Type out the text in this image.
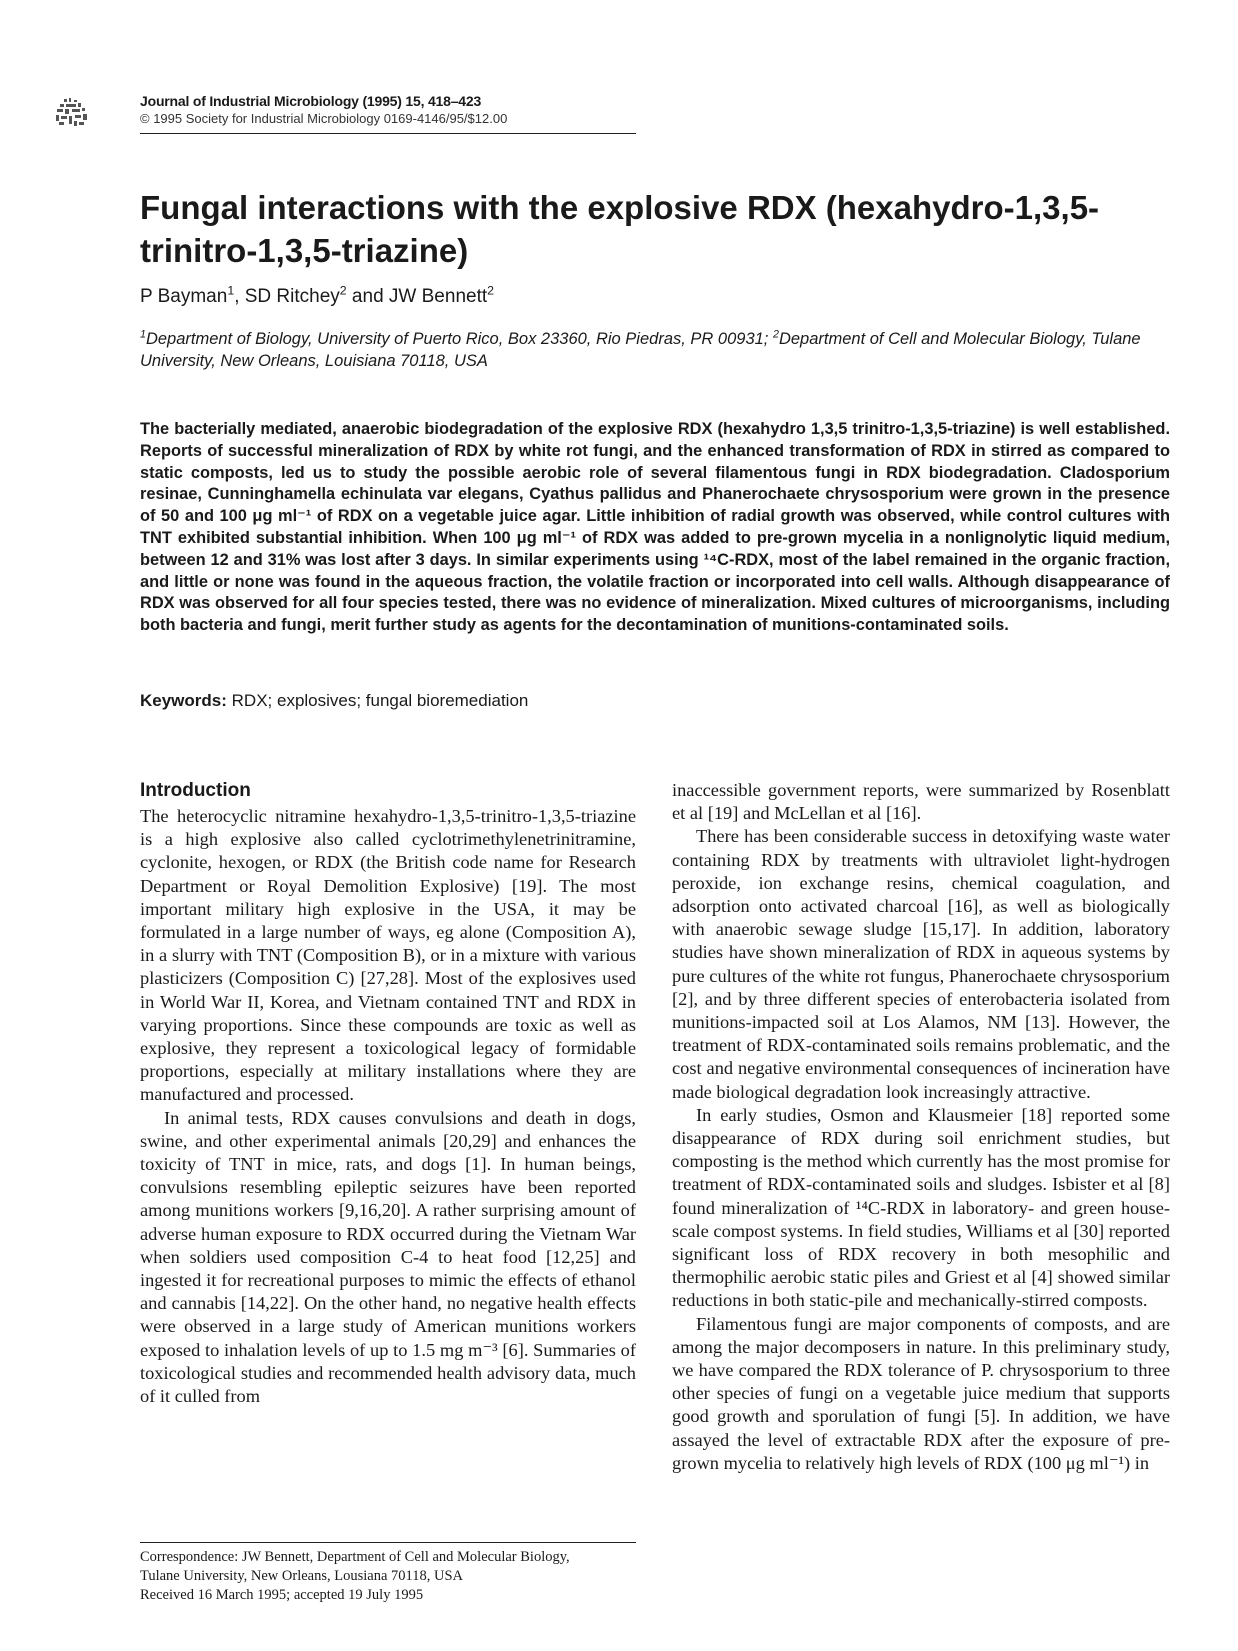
Journal of Industrial Microbiology (1995) 15, 418–423
© 1995 Society for Industrial Microbiology 0169-4146/95/$12.00
Fungal interactions with the explosive RDX (hexahydro-1,3,5-trinitro-1,3,5-triazine)
P Bayman$^1$, SD Ritchey$^2$ and JW Bennett$^2$
$^1$Department of Biology, University of Puerto Rico, Box 23360, Rio Piedras, PR 00931; $^2$Department of Cell and Molecular Biology, Tulane University, New Orleans, Louisiana 70118, USA

The bacterially mediated, anaerobic biodegradation of the explosive RDX (hexahydro 1,3,5 trinitro-1,3,5-triazine) is well established. Reports of successful mineralization of RDX by white rot fungi, and the enhanced transformation of RDX in stirred as compared to static composts, led us to study the possible aerobic role of several filamentous fungi in RDX biodegradation. Cladosporium resinae, Cunninghamella echinulata var elegans, Cyathus pallidus and Phanerochaete chrysosporium were grown in the presence of 50 and 100 μg ml⁻¹ of RDX on a vegetable juice agar. Little inhibition of radial growth was observed, while control cultures with TNT exhibited substantial inhibition. When 100 μg ml⁻¹ of RDX was added to pre-grown mycelia in a nonlignolytic liquid medium, between 12 and 31% was lost after 3 days. In similar experiments using ¹⁴C-RDX, most of the label remained in the organic fraction, and little or none was found in the aqueous fraction, the volatile fraction or incorporated into cell walls. Although disappearance of RDX was observed for all four species tested, there was no evidence of mineralization. Mixed cultures of microorganisms, including both bacteria and fungi, merit further study as agents for the decontamination of munitions-contaminated soils.

Keywords: RDX; explosives; fungal bioremediation
Introduction

The heterocyclic nitramine hexahydro-1,3,5-trinitro-1,3,5-triazine is a high explosive also called cyclotrimethylenetrinitramine, cyclonite, hexogen, or RDX (the British code name for Research Department or Royal Demolition Explosive) [19]. The most important military high explosive in the USA, it may be formulated in a large number of ways, eg alone (Composition A), in a slurry with TNT (Composition B), or in a mixture with various plasticizers (Composition C) [27,28]. Most of the explosives used in World War II, Korea, and Vietnam contained TNT and RDX in varying proportions. Since these compounds are toxic as well as explosive, they represent a toxicological legacy of formidable proportions, especially at military installations where they are manufactured and processed.

In animal tests, RDX causes convulsions and death in dogs, swine, and other experimental animals [20,29] and enhances the toxicity of TNT in mice, rats, and dogs [1]. In human beings, convulsions resembling epileptic seizures have been reported among munitions workers [9,16,20]. A rather surprising amount of adverse human exposure to RDX occurred during the Vietnam War when soldiers used composition C-4 to heat food [12,25] and ingested it for recreational purposes to mimic the effects of ethanol and cannabis [14,22]. On the other hand, no negative health effects were observed in a large study of American munitions workers exposed to inhalation levels of up to 1.5 mg m⁻³ [6]. Summaries of toxicological studies and recommended health advisory data, much of it culled from

inaccessible government reports, were summarized by Rosenblatt et al [19] and McLellan et al [16].

There has been considerable success in detoxifying waste water containing RDX by treatments with ultraviolet light-hydrogen peroxide, ion exchange resins, chemical coagulation, and adsorption onto activated charcoal [16], as well as biologically with anaerobic sewage sludge [15,17]. In addition, laboratory studies have shown mineralization of RDX in aqueous systems by pure cultures of the white rot fungus, Phanerochaete chrysosporium [2], and by three different species of enterobacteria isolated from munitions-impacted soil at Los Alamos, NM [13]. However, the treatment of RDX-contaminated soils remains problematic, and the cost and negative environmental consequences of incineration have made biological degradation look increasingly attractive.

In early studies, Osmon and Klausmeier [18] reported some disappearance of RDX during soil enrichment studies, but composting is the method which currently has the most promise for treatment of RDX-contaminated soils and sludges. Isbister et al [8] found mineralization of ¹⁴C-RDX in laboratory- and green house-scale compost systems. In field studies, Williams et al [30] reported significant loss of RDX recovery in both mesophilic and thermophilic aerobic static piles and Griest et al [4] showed similar reductions in both static-pile and mechanically-stirred composts.

Filamentous fungi are major components of composts, and are among the major decomposers in nature. In this preliminary study, we have compared the RDX tolerance of P. chrysosporium to three other species of fungi on a vegetable juice medium that supports good growth and sporulation of fungi [5]. In addition, we have assayed the level of extractable RDX after the exposure of pre-grown mycelia to relatively high levels of RDX (100 μg ml⁻¹) in

Correspondence: JW Bennett, Department of Cell and Molecular Biology,
Tulane University, New Orleans, Lousiana 70118, USA
Received 16 March 1995; accepted 19 July 1995
